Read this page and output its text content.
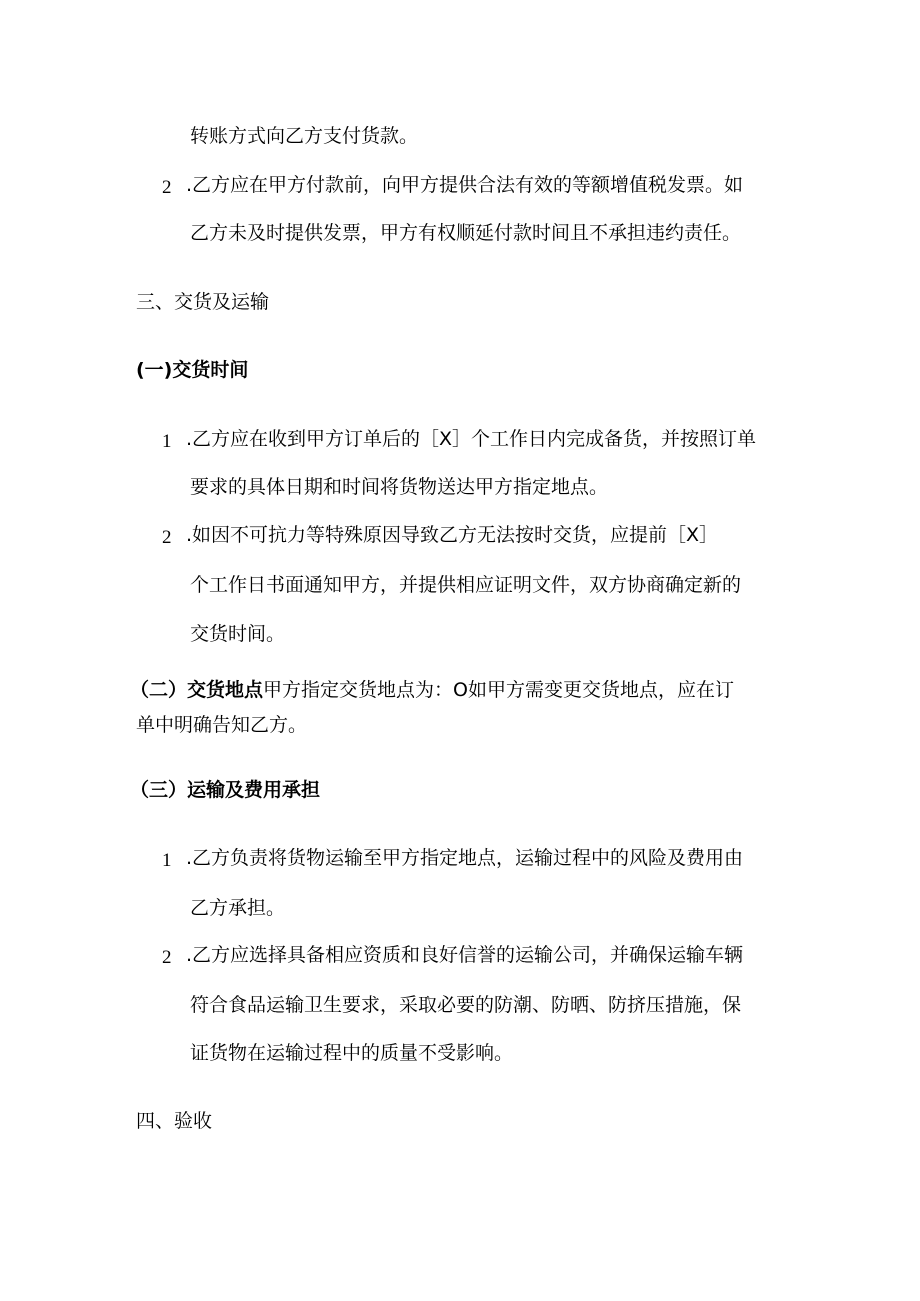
转账方式向乙方支付货款。
2 .乙方应在甲方付款前，向甲方提供合法有效的等额增值税发票。如
乙方未及时提供发票，甲方有权顺延付款时间且不承担违约责任。
三、交货及运输
(一)交货时间
1 .乙方应在收到甲方订单后的［X］个工作日内完成备货，并按照订单
要求的具体日期和时间将货物送达甲方指定地点。
2 .如因不可抗力等特殊原因导致乙方无法按时交货，应提前［X］
个工作日书面通知甲方，并提供相应证明文件，双方协商确定新的
交货时间。
（二）交货地点甲方指定交货地点为：O如甲方需变更交货地点，应在订
单中明确告知乙方。
（三）运输及费用承担
1 .乙方负责将货物运输至甲方指定地点，运输过程中的风险及费用由
乙方承担。
2 .乙方应选择具备相应资质和良好信誉的运输公司，并确保运输车辆
符合食品运输卫生要求，采取必要的防潮、防晒、防挤压措施，保
证货物在运输过程中的质量不受影响。
四、验收
